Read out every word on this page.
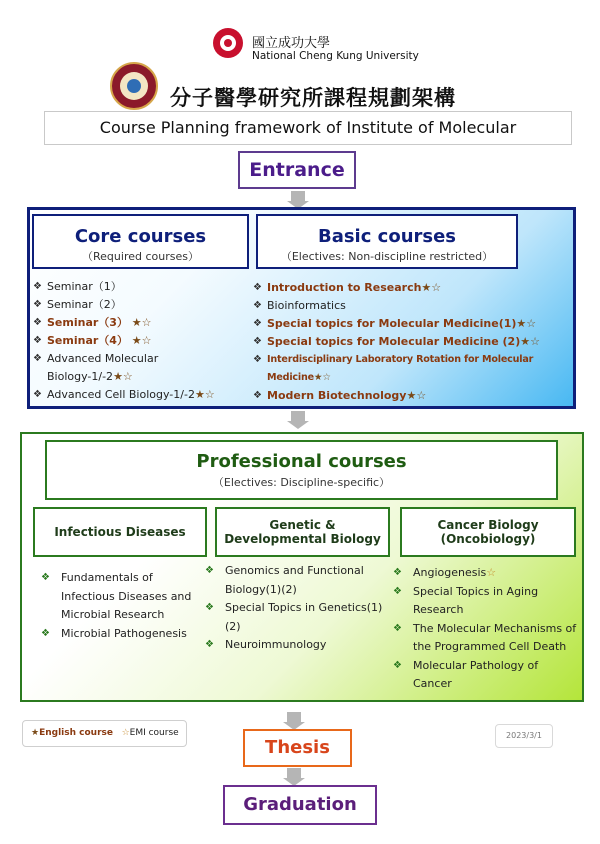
國立成功大學
National Cheng Kung University
分子醫學研究所課程規劃架構
Course Planning framework of Institute of Molecular
Entrance
Core courses
（Required courses）
Basic courses
（Electives: Non-discipline restricted）
❖ Seminar（1）
❖ Seminar（2）
❖ Seminar（3） ★☆
❖ Seminar（4） ★☆
❖ Advanced Molecular
Biology-1/-2★☆
❖ Advanced Cell Biology-1/-2★☆
❖ Introduction to Research★☆
❖ Bioinformatics
❖ Special topics for Molecular Medicine(1)★☆
❖ Special topics for Molecular Medicine (2)★☆
❖ Interdisciplinary Laboratory Rotation for Molecular Medicine★☆
❖ Modern Biotechnology★☆
Professional courses
（Electives: Discipline-specific）
Infectious Diseases	Genetic &
Developmental Biology
Cancer Biology
(Oncobiology)
❖ Fundamentals of Infectious Diseases and Microbial Research
❖ Microbial Pathogenesis
❖ Genomics and Functional Biology(1)(2)
❖ Special Topics in Genetics(1)(2)
❖ Neuroimmunology
❖ Angiogenesis☆
❖ Special Topics in Aging Research
❖ The Molecular Mechanisms of the Programmed Cell Death
❖ Molecular Pathology of Cancer
★English course ☆EMI course	2023/3/1
Thesis
Graduation
